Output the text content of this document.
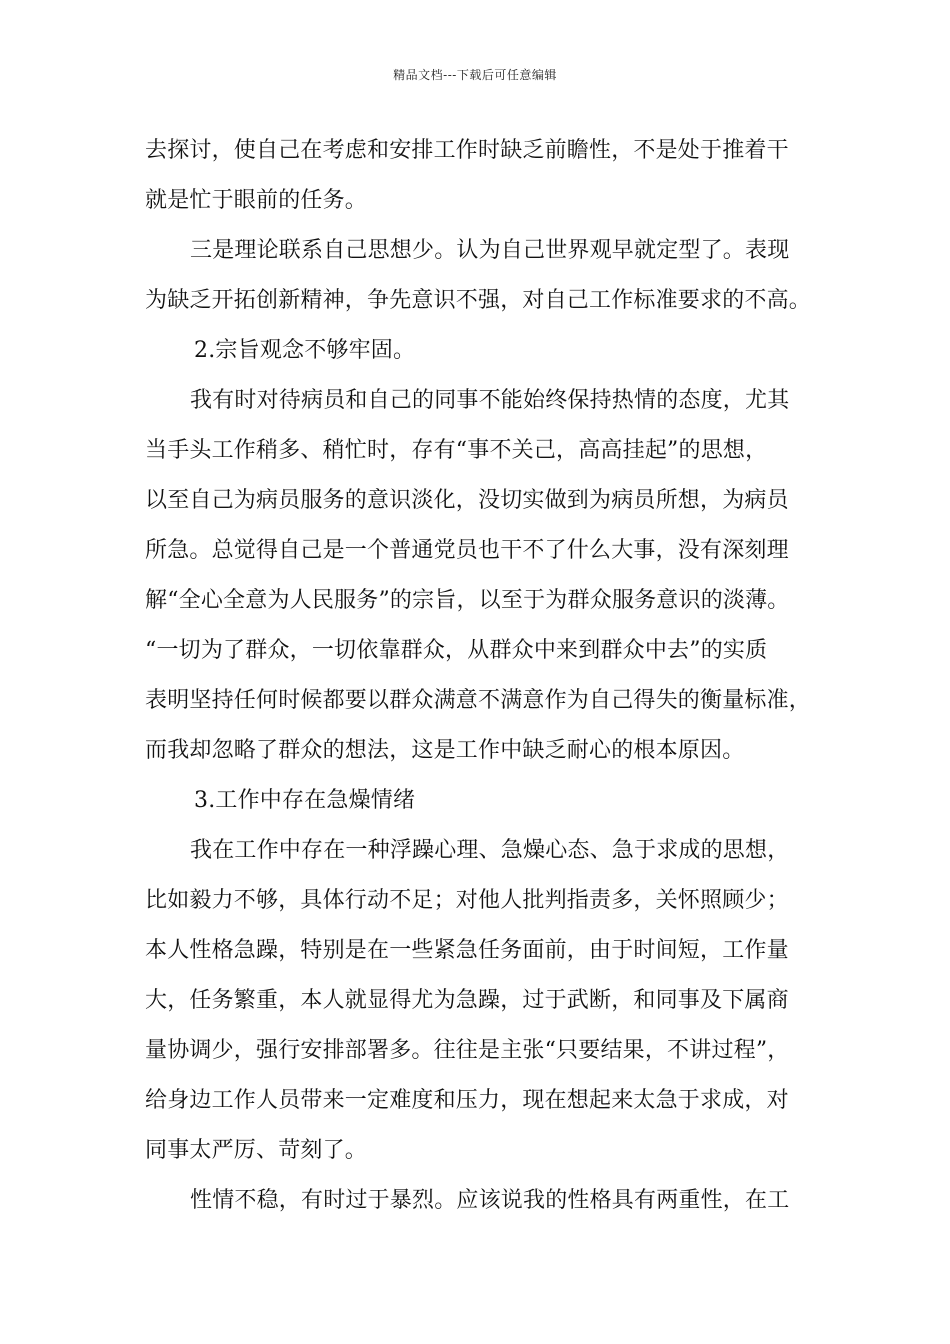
精品文档---下载后可任意编辑
去探讨，使自己在考虑和安排工作时缺乏前瞻性，不是处于推着干
就是忙于眼前的任务。
三是理论联系自己思想少。认为自己世界观早就定型了。表现
为缺乏开拓创新精神，争先意识不强，对自己工作标准要求的不高。
2.宗旨观念不够牢固。
我有时对待病员和自己的同事不能始终保持热情的态度，尤其
当手头工作稍多、稍忙时，存有“事不关己，高高挂起”的思想，
以至自己为病员服务的意识淡化，没切实做到为病员所想，为病员
所急。总觉得自己是一个普通党员也干不了什么大事，没有深刻理
解“全心全意为人民服务”的宗旨，以至于为群众服务意识的淡薄。
“一切为了群众，一切依靠群众，从群众中来到群众中去”的实质
表明坚持任何时候都要以群众满意不满意作为自己得失的衡量标准，
而我却忽略了群众的想法，这是工作中缺乏耐心的根本原因。
3.工作中存在急燥情绪
我在工作中存在一种浮躁心理、急燥心态、急于求成的思想，
比如毅力不够，具体行动不足；对他人批判指责多，关怀照顾少；
本人性格急躁，特别是在一些紧急任务面前，由于时间短，工作量
大，任务繁重，本人就显得尤为急躁，过于武断，和同事及下属商
量协调少，强行安排部署多。往往是主张“只要结果，不讲过程”，
给身边工作人员带来一定难度和压力，现在想起来太急于求成，对
同事太严厉、苛刻了。
性情不稳，有时过于暴烈。应该说我的性格具有两重性，在工
